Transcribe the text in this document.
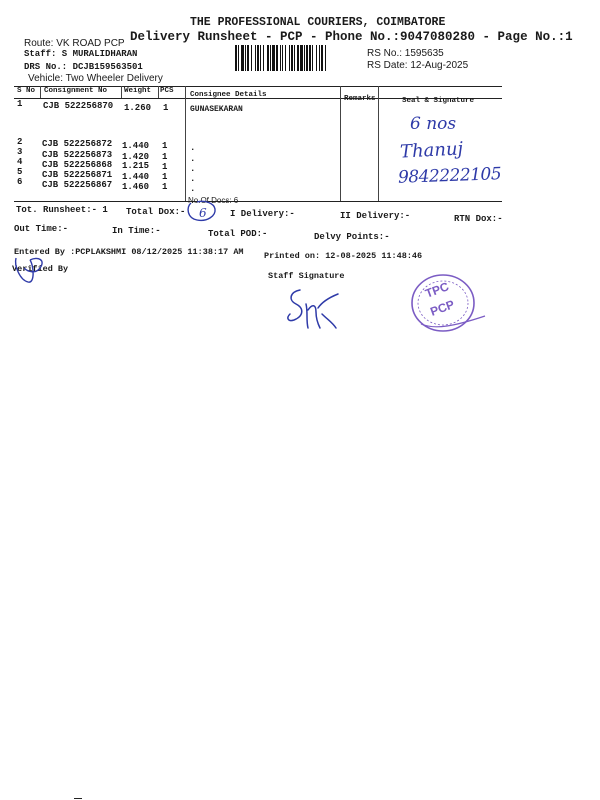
THE PROFESSIONAL COURIERS, COIMBATORE
Delivery Runsheet - PCP - Phone No.:9047080280 - Page No.:1
Route: VK ROAD PCP
Staff: S MURALIDHARAN
DRS No.: DCJB159563501
Vehicle: Two Wheeler Delivery
RS No.: 1595635
RS Date: 12-Aug-2025
S No Consignment No Weight PCS Consignee Details	Remarks	Seal & Signature
1 CJB 522256870 1.260 1	GUNASEKARAN
2 CJB 522256872 1.440 1	.
3 CJB 522256873 1.420 1	.
4 CJB 522256868 1.215 1	.
5 CJB 522256871 1.440 1	.
6 CJB 522256867 1.460 1	.
No.Of Docs: 6
6 nos
Thanuj
9842222105
Tot. Runsheet:- 1 Total Dox:- 6	I Delivery:-	II Delivery:-	RTN Dox:-
Out Time:-	In Time:-	Total POD:-	Delvy Points:-
Entered By :PCPLAKSHMI 08/12/2025 11:38:17 AM Printed on: 12-08-2025 11:48:46
Verified By
Staff Signature
TPC
PCP
